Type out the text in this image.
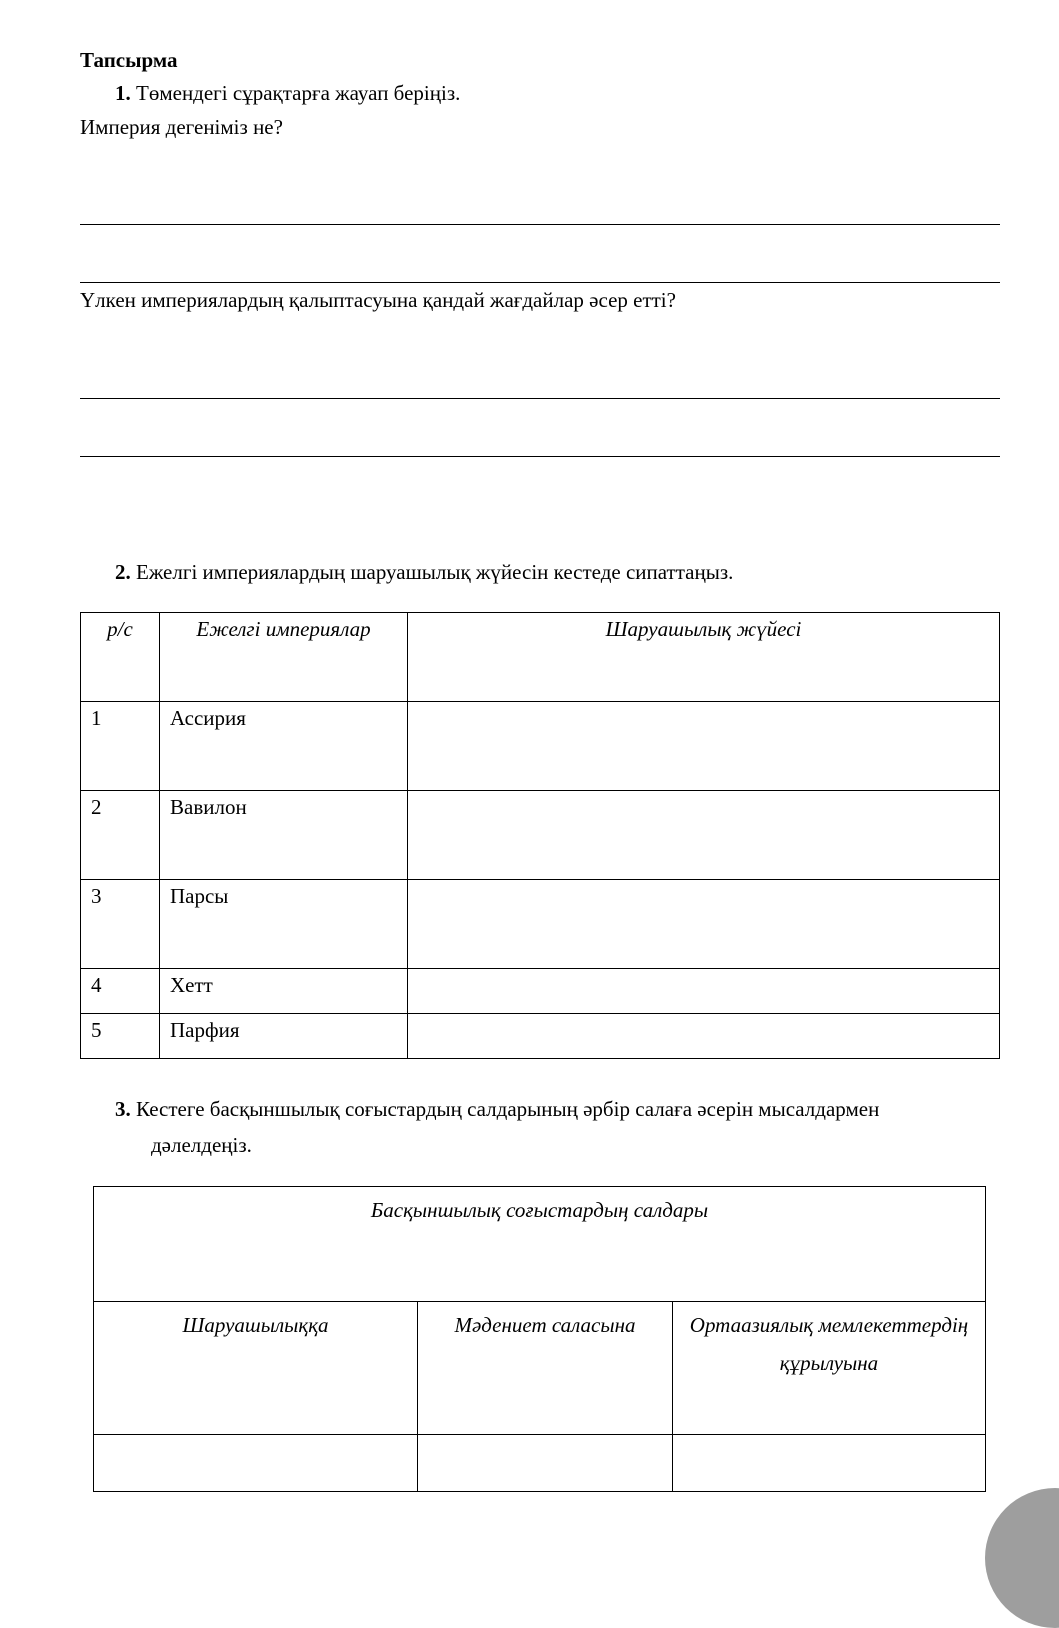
Тапсырма
1. Төмендегі сұрақтарға жауап беріңіз.
Империя дегеніміз не?
Үлкен империялардың қалыптасуына қандай жағдайлар әсер етті?
2. Ежелгі империялардың шаруашылық жүйесін кестеде сипаттаңыз.
р/с	Ежелгі империялар	Шаруашылық жүйесі
1	Ассирия	
2	Вавилон	
3	Парсы	
4	Хетт	
5	Парфия	
3. Кестеге басқыншылық соғыстардың салдарының әрбір салаға әсерін мысалдармен
дәлелдеңіз.
Басқыншылық соғыстардың салдары		
Шаруашылыққа	Мәдениет саласына	Ортаазиялық мемлекеттердің құрылуына
